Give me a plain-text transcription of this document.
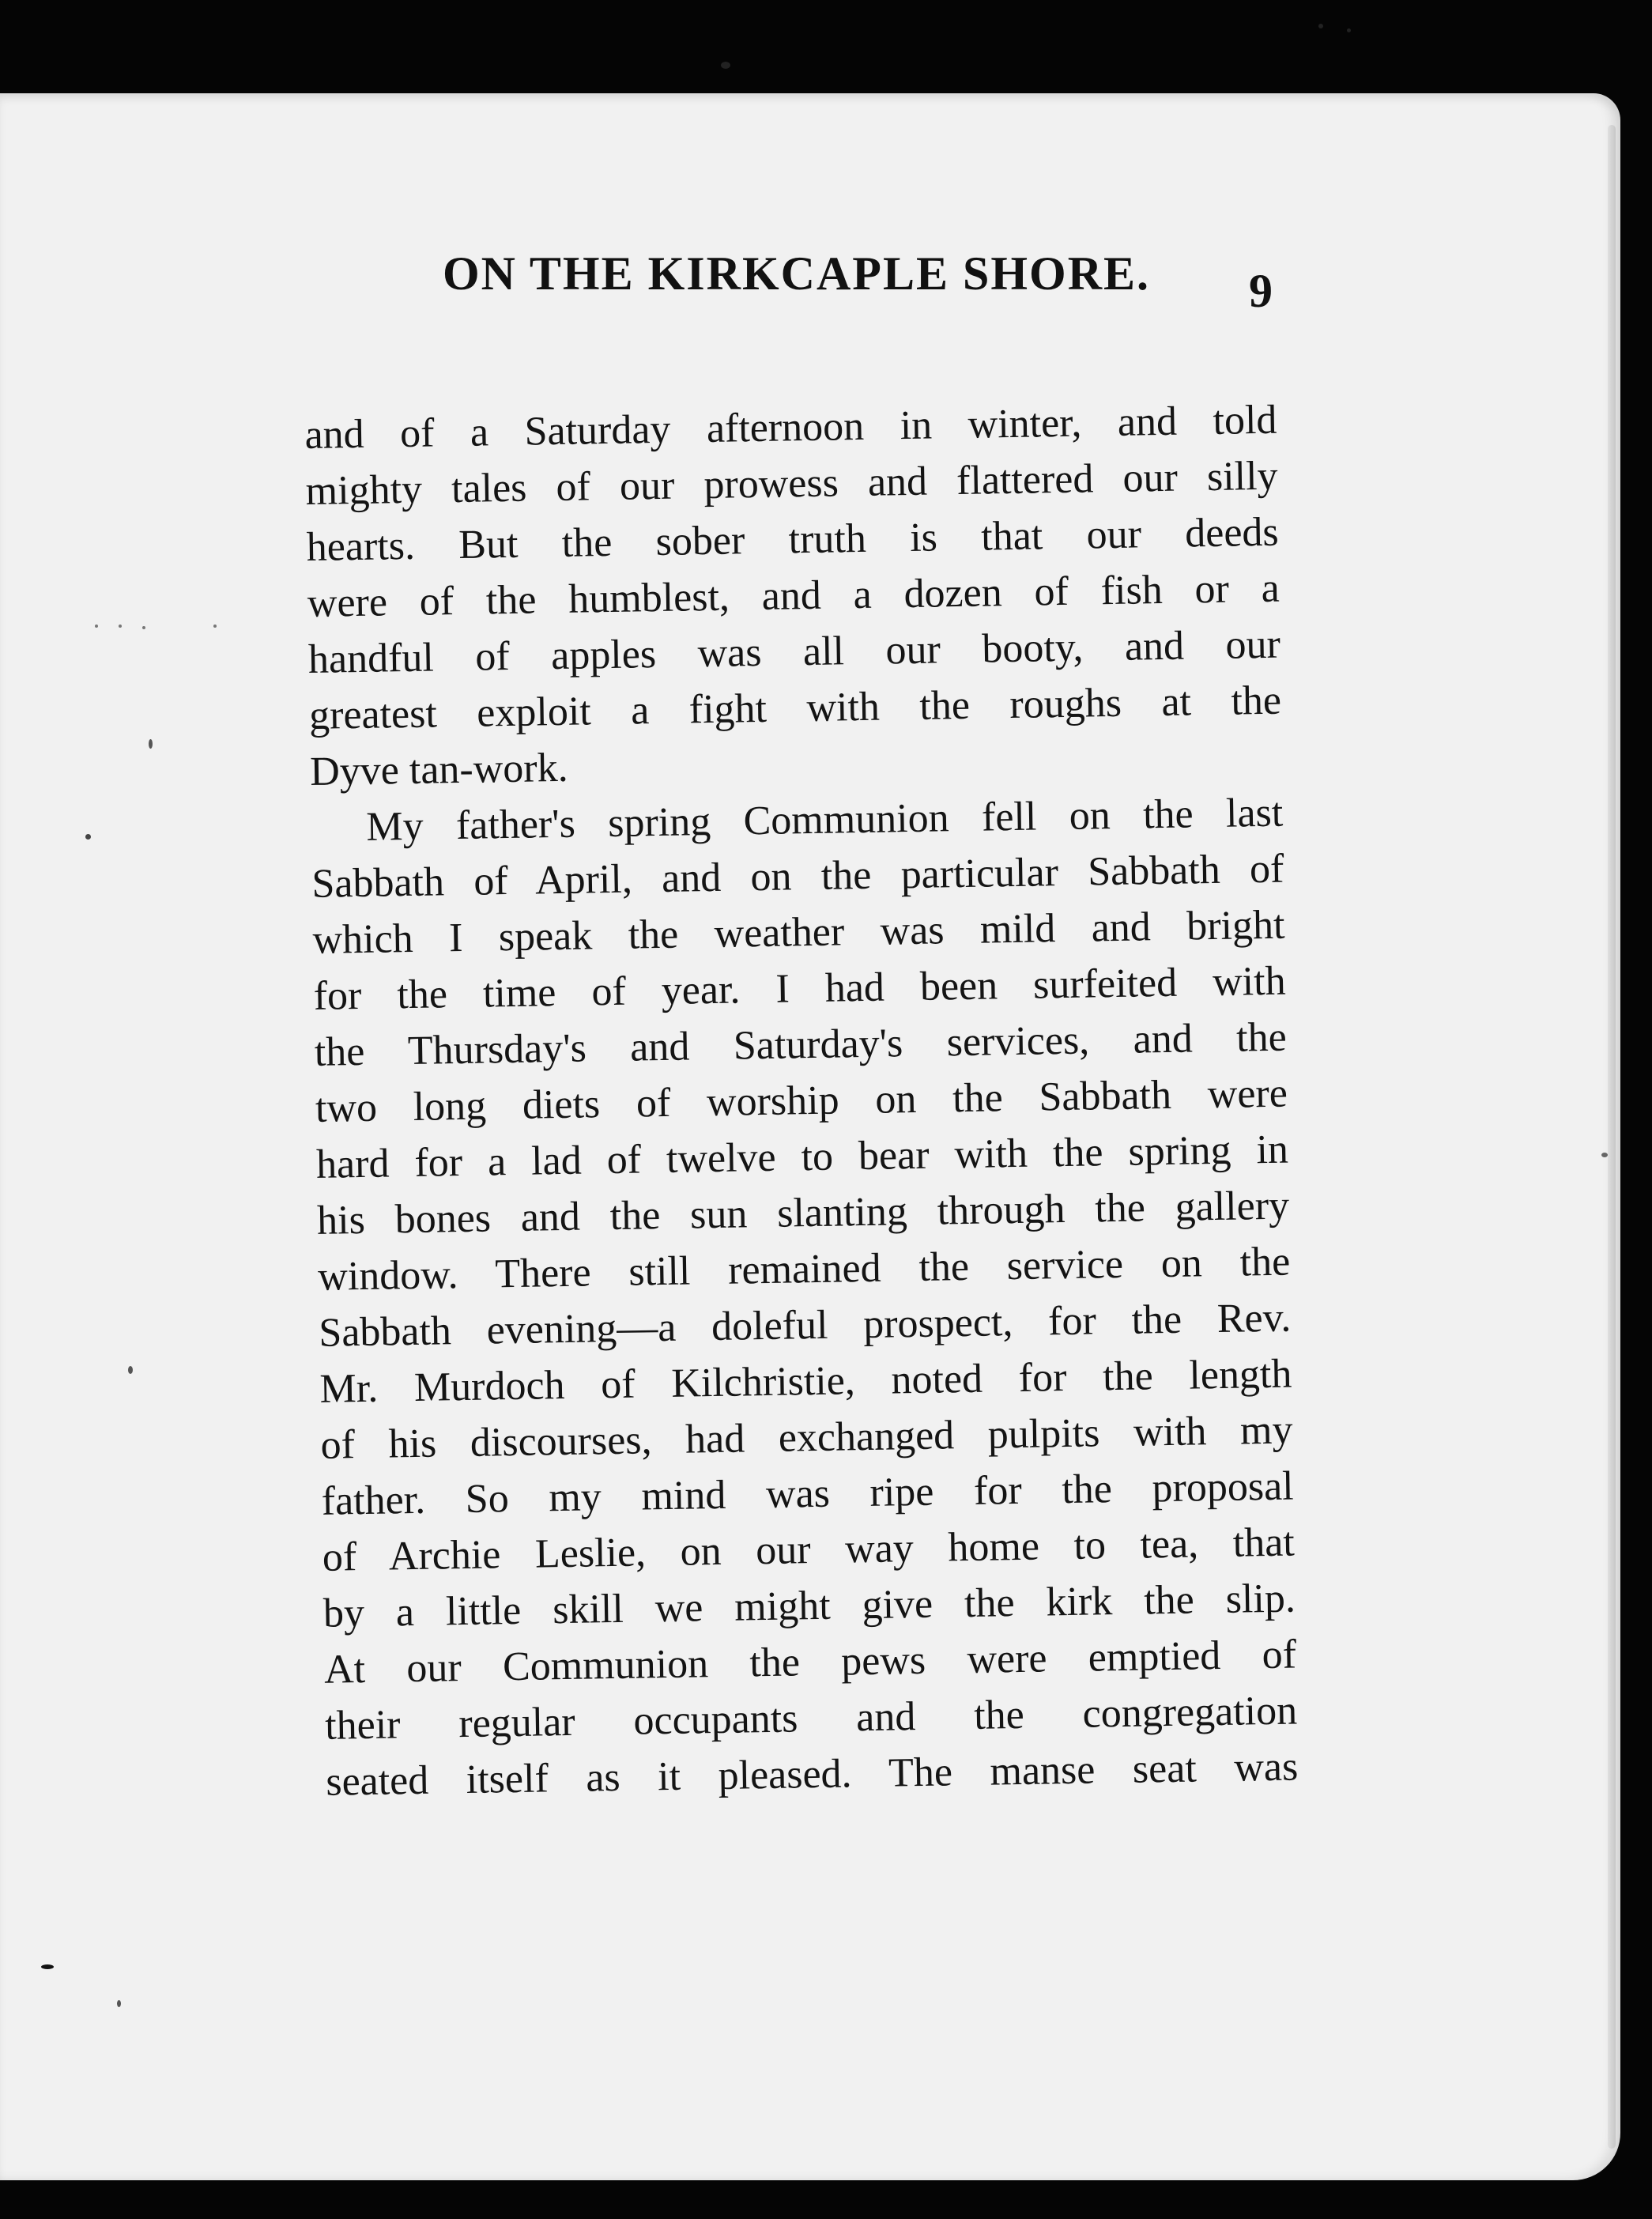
ON THE KIRKCAPLE SHORE. 9
and of a Saturday afternoon in winter, and told
mighty tales of our prowess and flattered our silly
hearts. But the sober truth is that our deeds
were of the humblest, and a dozen of fish or a
handful of apples was all our booty, and our
greatest exploit a fight with the roughs at the
Dyve tan-work.
My father's spring Communion fell on the last
Sabbath of April, and on the particular Sabbath of
which I speak the weather was mild and bright
for the time of year. I had been surfeited with
the Thursday's and Saturday's services, and the
two long diets of worship on the Sabbath were
hard for a lad of twelve to bear with the spring in
his bones and the sun slanting through the gallery
window. There still remained the service on the
Sabbath evening—a doleful prospect, for the Rev.
Mr. Murdoch of Kilchristie, noted for the length
of his discourses, had exchanged pulpits with my
father. So my mind was ripe for the proposal
of Archie Leslie, on our way home to tea, that
by a little skill we might give the kirk the slip.
At our Communion the pews were emptied of
their regular occupants and the congregation
seated itself as it pleased. The manse seat was
